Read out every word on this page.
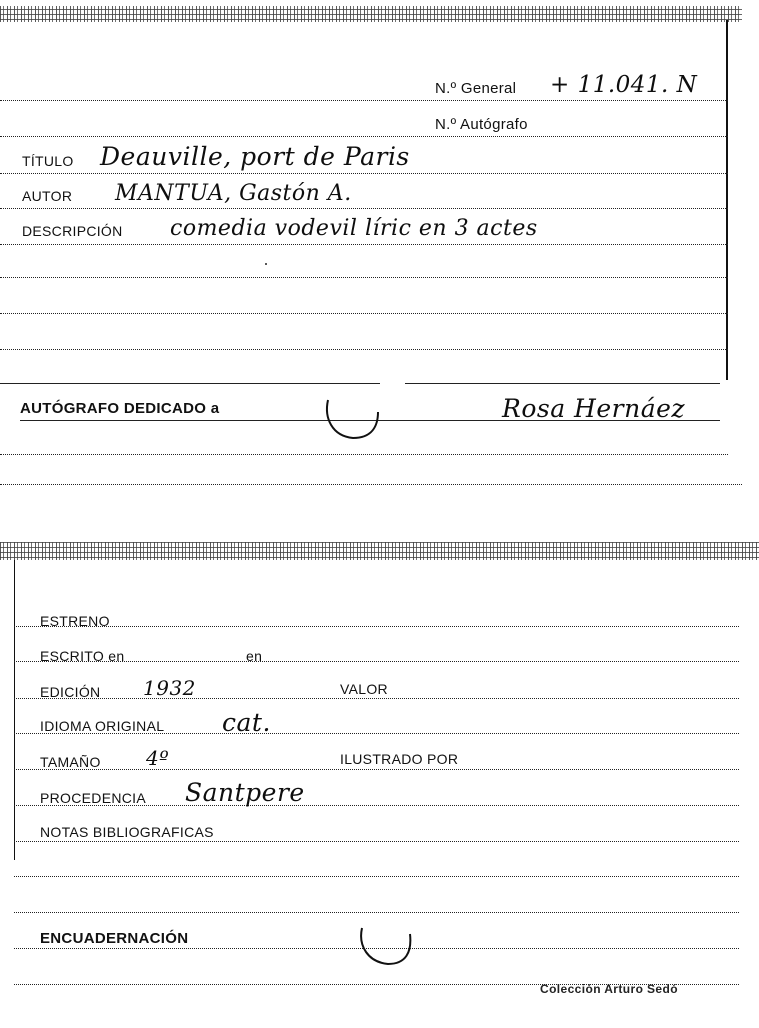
N.º General + 11.041. N
N.º Autógrafo
TÍTULO Deauville, port de Paris
AUTOR MANTUA, Gastón A.
DESCRIPCIÓN comedia vodevil líric en 3 actes
AUTÓGRAFO DEDICADO a	Rosa Hernáez
ESTRENO
ESCRITO en	en
EDICIÓN 1932	VALOR
IDIOMA ORIGINAL cat.
TAMAÑO 4º	ILUSTRADO POR
PROCEDENCIA Santpere
NOTAS BIBLIOGRAFICAS
ENCUADERNACIÓN
Colección Arturo Sedó
